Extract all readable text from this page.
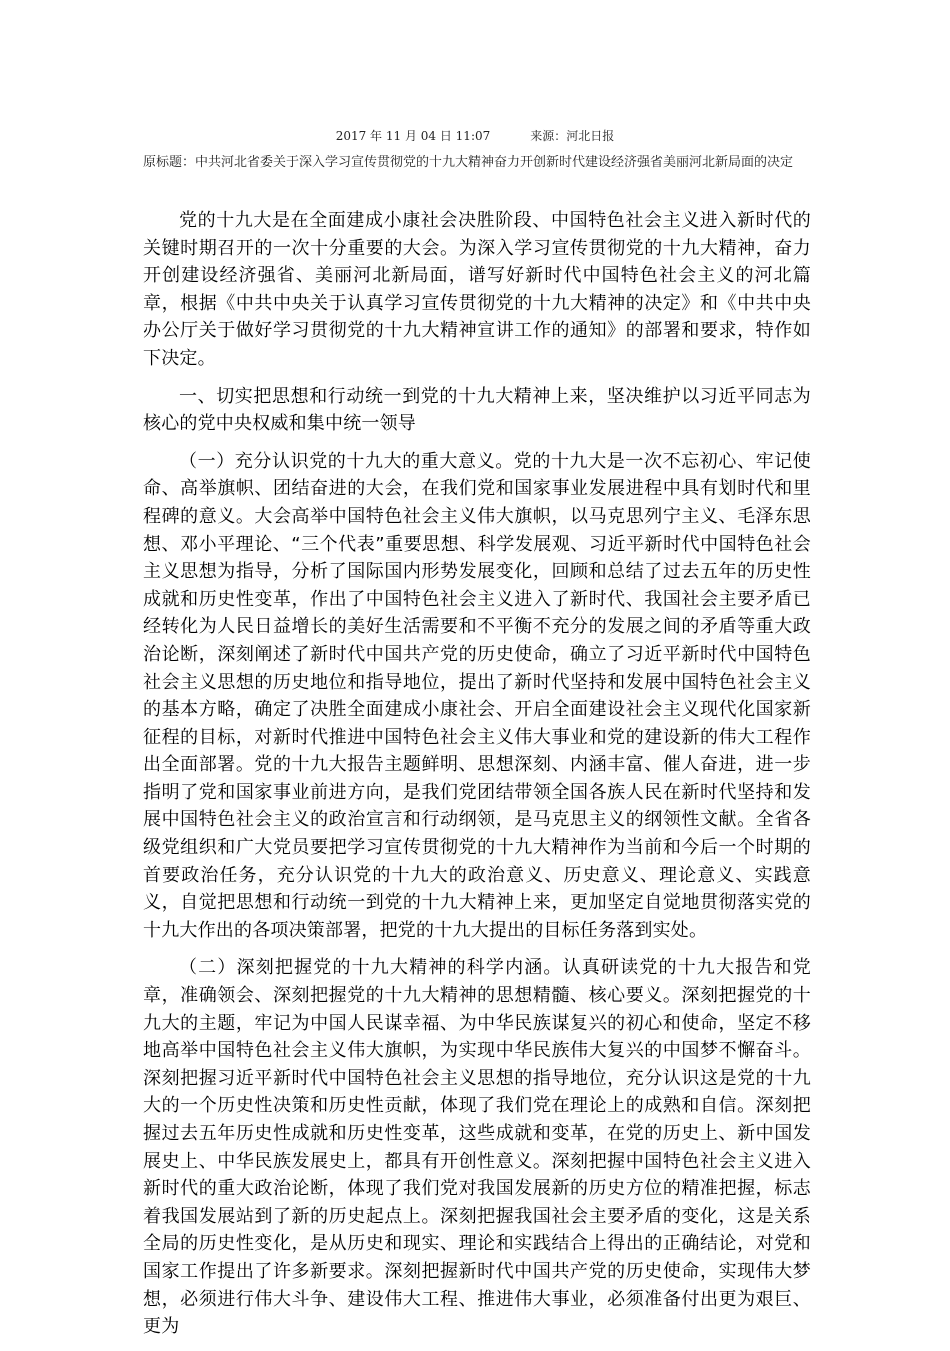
2017 年 11 月 04 日 11:07	来源：河北日报
原标题：中共河北省委关于深入学习宣传贯彻党的十九大精神奋力开创新时代建设经济强省美丽河北新局面的决定

党的十九大是在全面建成小康社会决胜阶段、中国特色社会主义进入新时代的关键时期召开的一次十分重要的大会。为深入学习宣传贯彻党的十九大精神，奋力开创建设经济强省、美丽河北新局面，谱写好新时代中国特色社会主义的河北篇章，根据《中共中央关于认真学习宣传贯彻党的十九大精神的决定》和《中共中央办公厅关于做好学习贯彻党的十九大精神宣讲工作的通知》的部署和要求，特作如下决定。

一、切实把思想和行动统一到党的十九大精神上来，坚决维护以习近平同志为核心的党中央权威和集中统一领导

（一）充分认识党的十九大的重大意义。党的十九大是一次不忘初心、牢记使命、高举旗帜、团结奋进的大会，在我们党和国家事业发展进程中具有划时代和里程碑的意义。大会高举中国特色社会主义伟大旗帜，以马克思列宁主义、毛泽东思想、邓小平理论、“三个代表”重要思想、科学发展观、习近平新时代中国特色社会主义思想为指导，分析了国际国内形势发展变化，回顾和总结了过去五年的历史性成就和历史性变革，作出了中国特色社会主义进入了新时代、我国社会主要矛盾已经转化为人民日益增长的美好生活需要和不平衡不充分的发展之间的矛盾等重大政治论断，深刻阐述了新时代中国共产党的历史使命，确立了习近平新时代中国特色社会主义思想的历史地位和指导地位，提出了新时代坚持和发展中国特色社会主义的基本方略，确定了决胜全面建成小康社会、开启全面建设社会主义现代化国家新征程的目标，对新时代推进中国特色社会主义伟大事业和党的建设新的伟大工程作出全面部署。党的十九大报告主题鲜明、思想深刻、内涵丰富、催人奋进，进一步指明了党和国家事业前进方向，是我们党团结带领全国各族人民在新时代坚持和发展中国特色社会主义的政治宣言和行动纲领，是马克思主义的纲领性文献。全省各级党组织和广大党员要把学习宣传贯彻党的十九大精神作为当前和今后一个时期的首要政治任务，充分认识党的十九大的政治意义、历史意义、理论意义、实践意义，自觉把思想和行动统一到党的十九大精神上来，更加坚定自觉地贯彻落实党的十九大作出的各项决策部署，把党的十九大提出的目标任务落到实处。

（二）深刻把握党的十九大精神的科学内涵。认真研读党的十九大报告和党章，准确领会、深刻把握党的十九大精神的思想精髓、核心要义。深刻把握党的十九大的主题，牢记为中国人民谋幸福、为中华民族谋复兴的初心和使命，坚定不移地高举中国特色社会主义伟大旗帜，为实现中华民族伟大复兴的中国梦不懈奋斗。深刻把握习近平新时代中国特色社会主义思想的指导地位，充分认识这是党的十九大的一个历史性决策和历史性贡献，体现了我们党在理论上的成熟和自信。深刻把握过去五年历史性成就和历史性变革，这些成就和变革，在党的历史上、新中国发展史上、中华民族发展史上，都具有开创性意义。深刻把握中国特色社会主义进入新时代的重大政治论断，体现了我们党对我国发展新的历史方位的精准把握，标志着我国发展站到了新的历史起点上。深刻把握我国社会主要矛盾的变化，这是关系全局的历史性变化，是从历史和现实、理论和实践结合上得出的正确结论，对党和国家工作提出了许多新要求。深刻把握新时代中国共产党的历史使命，实现伟大梦想，必须进行伟大斗争、建设伟大工程、推进伟大事业，必须准备付出更为艰巨、更为
